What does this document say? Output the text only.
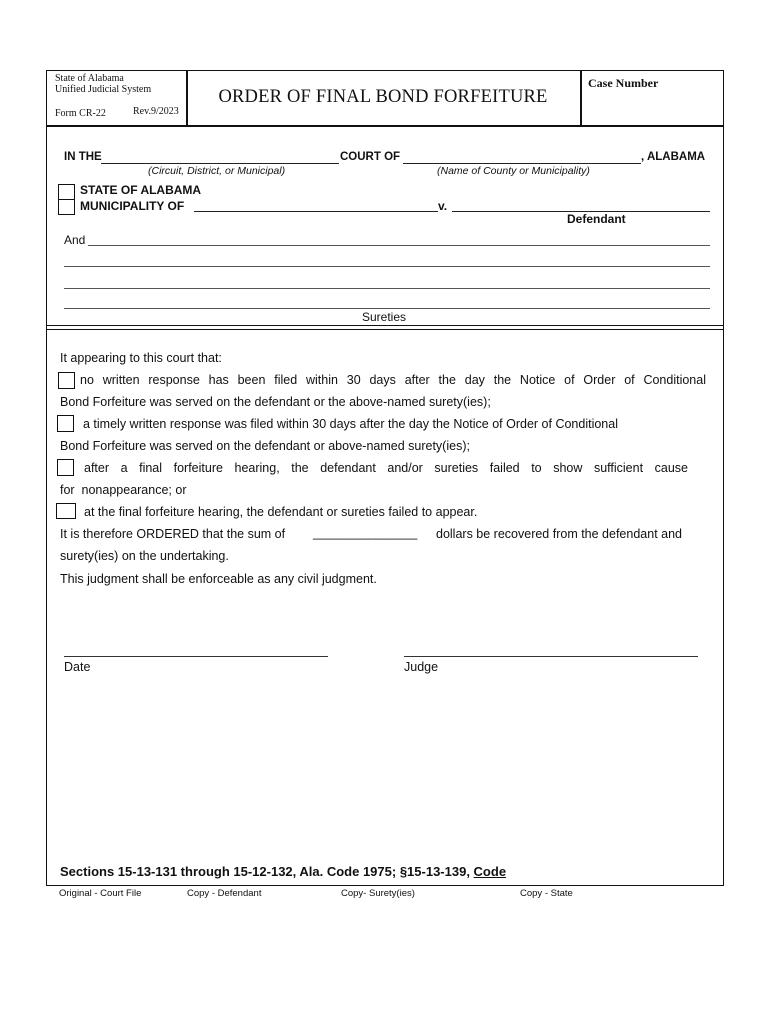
State of Alabama
Unified Judicial System
Form CR-22	Rev.9/2023
ORDER OF FINAL BOND FORFEITURE
Case Number
IN THE	COURT OF	, ALABAMA
(Circuit, District, or Municipal)	(Name of County or Municipality)
STATE OF ALABAMA
MUNICIPALITY OF	v.
Defendant
And
Sureties
It appearing to this court that:
no written response has been filed within 30 days after the day the Notice of Order of Conditional
Bond Forfeiture was served on the defendant or the above-named surety(ies);
a timely written response was filed within 30 days after the day the Notice of Order of Conditional
Bond Forfeiture was served on the defendant or above-named surety(ies);
after a final forfeiture hearing, the defendant and/or sureties failed to show sufficient cause
for  nonappearance; or
at the final forfeiture hearing, the defendant or sureties failed to appear.
It is therefore ORDERED that the sum of _______________ dollars be recovered from the defendant and
surety(ies) on the undertaking.
This judgment shall be enforceable as any civil judgment.
Date	Judge
Sections 15-13-131 through 15-12-132, Ala. Code 1975; §15-13-139, Code
Original - Court File	Copy - Defendant	Copy- Surety(ies)	Copy - State
